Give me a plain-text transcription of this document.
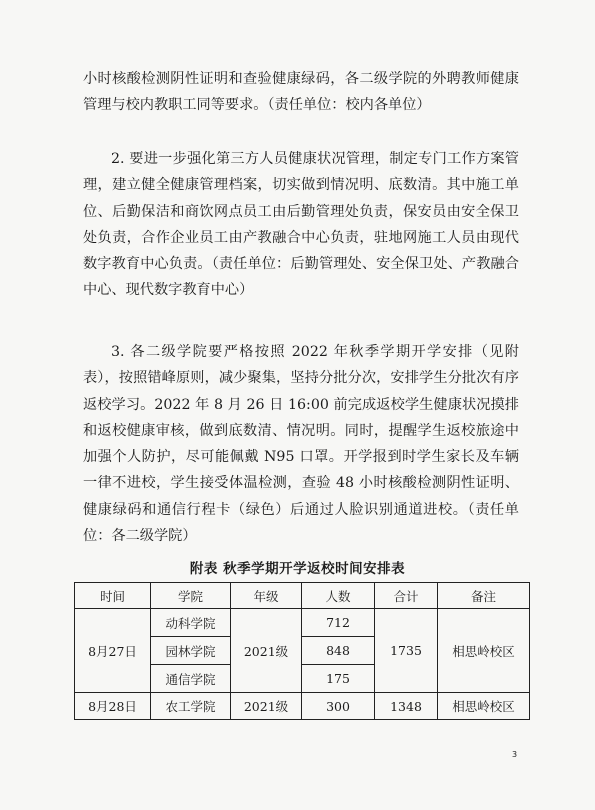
小时核酸检测阴性证明和查验健康绿码，各二级学院的外聘教师健康管理与校内教职工同等要求。（责任单位：校内各单位）

2. 要进一步强化第三方人员健康状况管理，制定专门工作方案管理，建立健全健康管理档案，切实做到情况明、底数清。其中施工单位、后勤保洁和商饮网点员工由后勤管理处负责，保安员由安全保卫处负责，合作企业员工由产教融合中心负责，驻地网施工人员由现代数字教育中心负责。（责任单位：后勤管理处、安全保卫处、产教融合中心、现代数字教育中心）

3. 各二级学院要严格按照 2022 年秋季学期开学安排（见附表），按照错峰原则，减少聚集，坚持分批分次，安排学生分批次有序返校学习。2022 年 8 月 26 日 16:00 前完成返校学生健康状况摸排和返校健康审核，做到底数清、情况明。同时，提醒学生返校旅途中加强个人防护，尽可能佩戴 N95 口罩。开学报到时学生家长及车辆一律不进校，学生接受体温检测，查验 48 小时核酸检测阴性证明、健康绿码和通信行程卡（绿色）后通过人脸识别通道进校。（责任单位：各二级学院）

附表 秋季学期开学返校时间安排表
时间	学院	年级	人数	合计	备注
8月27日	动科学院	2021级	712	1735	相思岭校区
	园林学院		848		
	通信学院		175		
8月28日	农工学院	2021级	300	1348	相思岭校区
3
